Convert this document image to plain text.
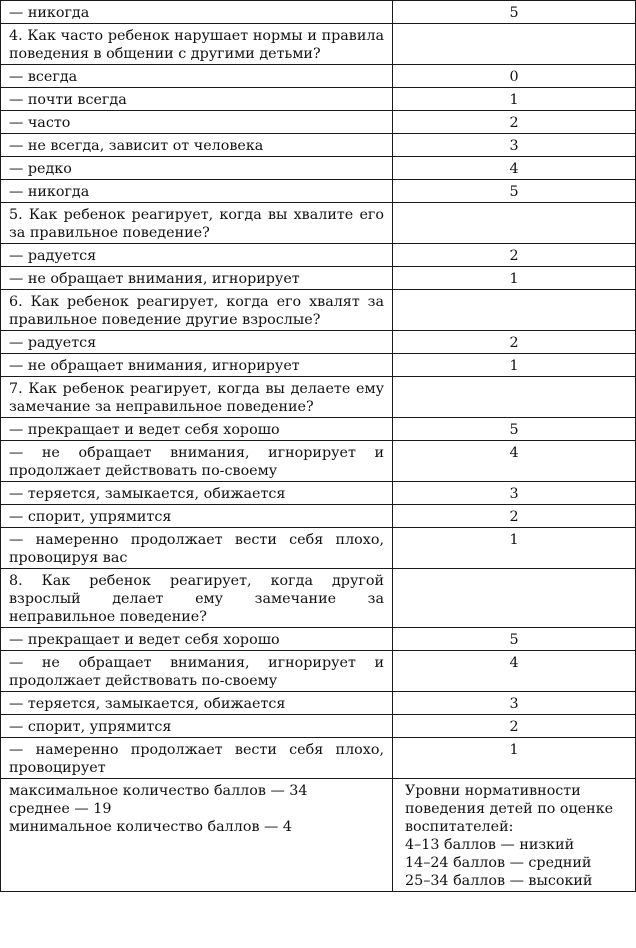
— никогда	5
4. Как часто ребенок нарушает нормы и правила поведения в общении с другими детьми?	
— всегда	0
— почти всегда	1
— часто	2
— не всегда, зависит от человека	3
— редко	4
— никогда	5
5. Как ребенок реагирует, когда вы хвалите его за правильное поведение?	
— радуется	2
— не обращает внимания, игнорирует	1
6. Как ребенок реагирует, когда его хвалят за правильное поведение другие взрослые?	
— радуется	2
— не обращает внимания, игнорирует	1
7. Как ребенок реагирует, когда вы делаете ему замечание за неправильное поведение?	
— прекращает и ведет себя хорошо	5
— не обращает внимания, игнорирует и продолжает действовать по-своему	4
— теряется, замыкается, обижается	3
— спорит, упрямится	2
— намеренно продолжает вести себя плохо, провоцируя вас	1
8. Как ребенок реагирует, когда другой взрослый делает ему замечание за неправильное поведение?	
— прекращает и ведет себя хорошо	5
— не обращает внимания, игнорирует и продолжает действовать по-своему	4
— теряется, замыкается, обижается	3
— спорит, упрямится	2
— намеренно продолжает вести себя плохо, провоцирует	1

максимальное количество баллов — 34
среднее — 19
минимальное количество баллов — 4	Уровни нормативности поведения детей по оценке воспитателей:
4–13 баллов — низкий
14–24 баллов — средний
25–34 баллов — высокий
